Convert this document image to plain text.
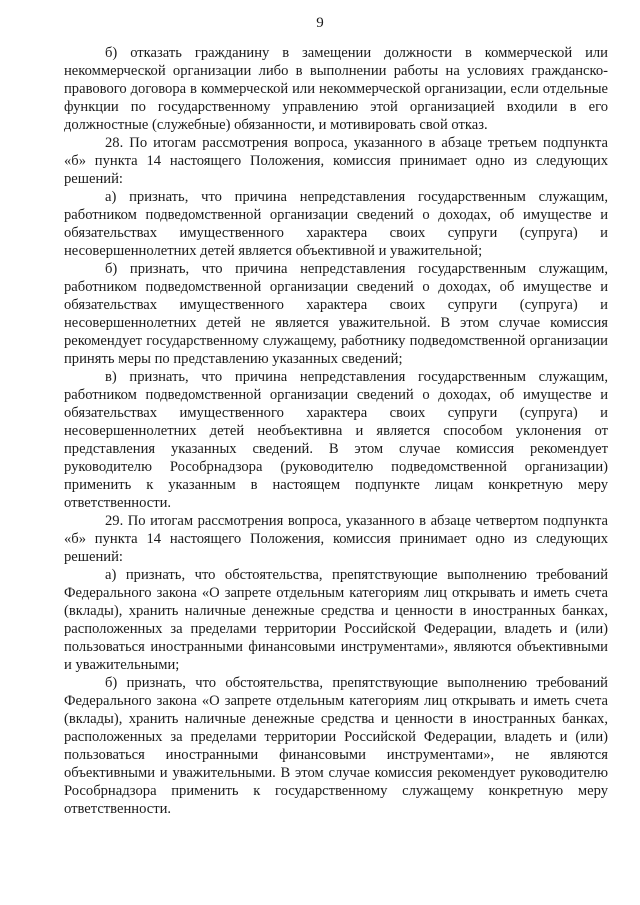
9

б) отказать гражданину в замещении должности в коммерческой или некоммерческой организации либо в выполнении работы на условиях гражданско-правового договора в коммерческой или некоммерческой организации, если отдельные функции по государственному управлению этой организацией входили в его должностные (служебные) обязанности, и мотивировать свой отказ.

28. По итогам рассмотрения вопроса, указанного в абзаце третьем подпункта «б» пункта 14 настоящего Положения, комиссия принимает одно из следующих решений:

а) признать, что причина непредставления государственным служащим, работником подведомственной организации сведений о доходах, об имуществе и обязательствах имущественного характера своих супруги (супруга) и несовершеннолетних детей является объективной и уважительной;

б) признать, что причина непредставления государственным служащим, работником подведомственной организации сведений о доходах, об имуществе и обязательствах имущественного характера своих супруги (супруга) и несовершеннолетних детей не является уважительной. В этом случае комиссия рекомендует государственному служащему, работнику подведомственной организации принять меры по представлению указанных сведений;

в) признать, что причина непредставления государственным служащим, работником подведомственной организации сведений о доходах, об имуществе и обязательствах имущественного характера своих супруги (супруга) и несовершеннолетних детей необъективна и является способом уклонения от представления указанных сведений. В этом случае комиссия рекомендует руководителю Рособрнадзора (руководителю подведомственной организации) применить к указанным в настоящем подпункте лицам конкретную меру ответственности.

29. По итогам рассмотрения вопроса, указанного в абзаце четвертом подпункта «б» пункта 14 настоящего Положения, комиссия принимает одно из следующих решений:

а) признать, что обстоятельства, препятствующие выполнению требований Федерального закона «О запрете отдельным категориям лиц открывать и иметь счета (вклады), хранить наличные денежные средства и ценности в иностранных банках, расположенных за пределами территории Российской Федерации, владеть и (или) пользоваться иностранными финансовыми инструментами», являются объективными и уважительными;

б) признать, что обстоятельства, препятствующие выполнению требований Федерального закона «О запрете отдельным категориям лиц открывать и иметь счета (вклады), хранить наличные денежные средства и ценности в иностранных банках, расположенных за пределами территории Российской Федерации, владеть и (или) пользоваться иностранными финансовыми инструментами», не являются объективными и уважительными. В этом случае комиссия рекомендует руководителю Рособрнадзора применить к государственному служащему конкретную меру ответственности.
